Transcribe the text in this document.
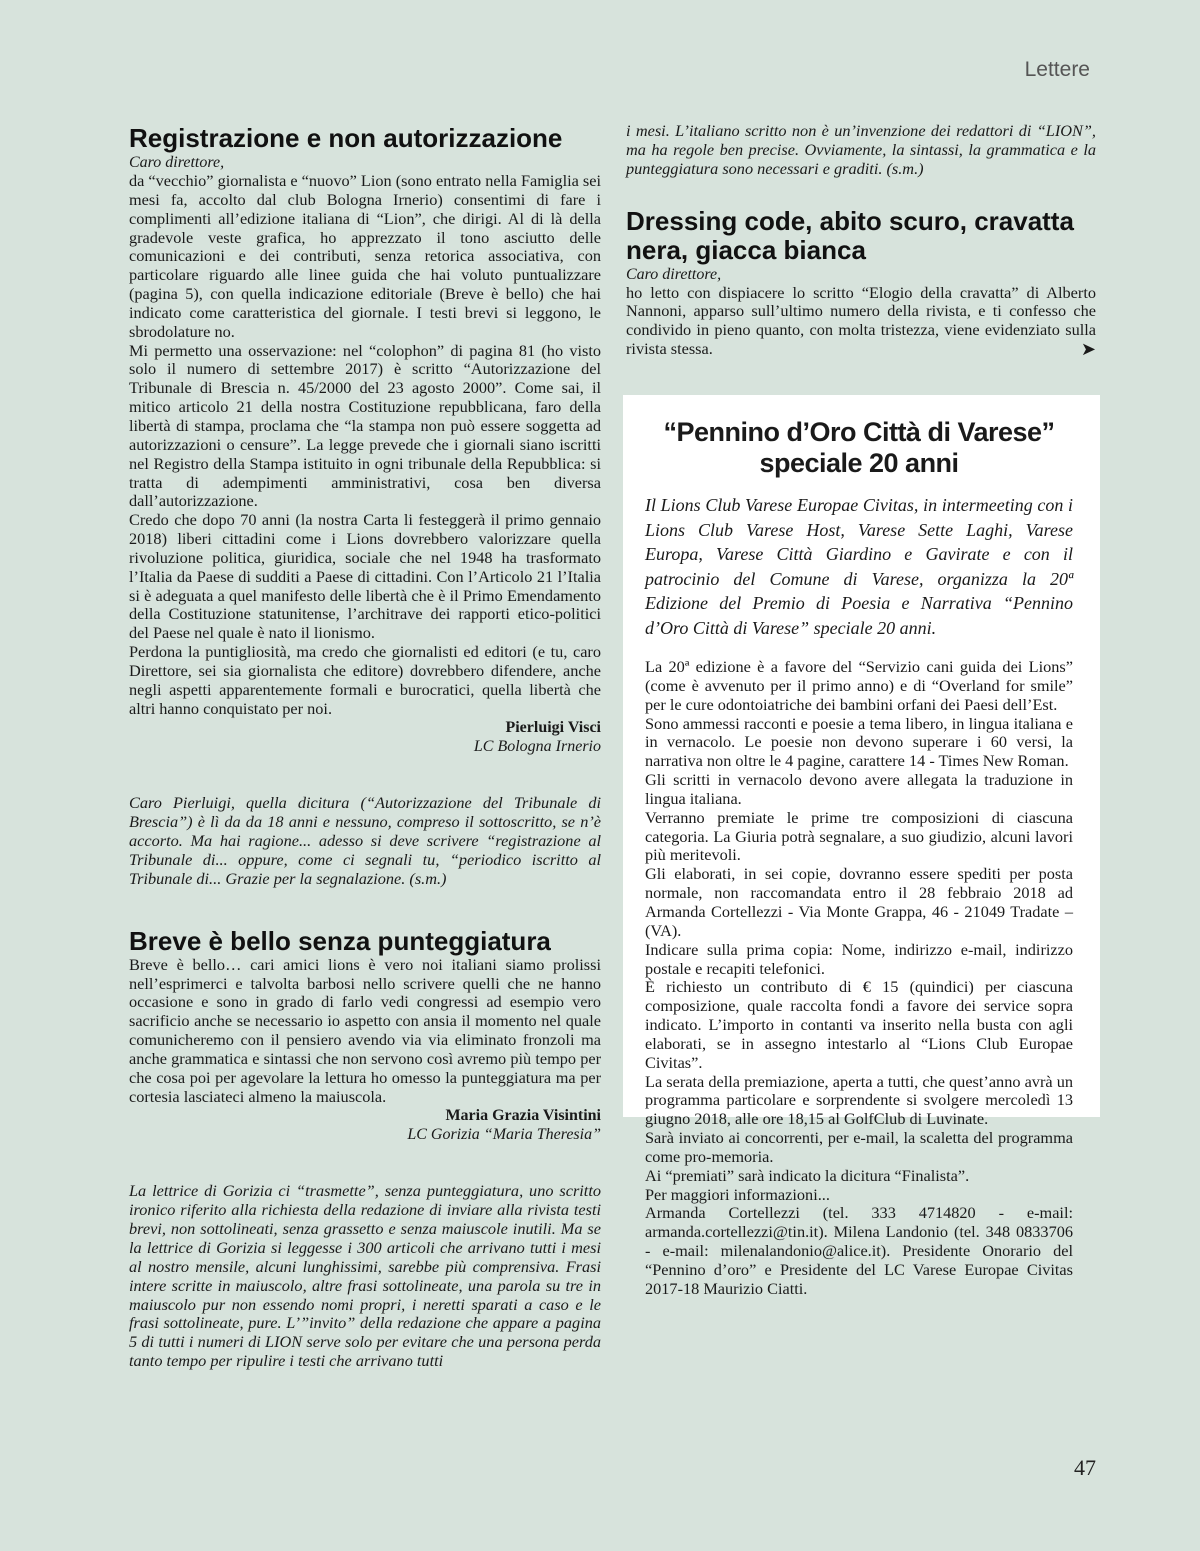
Lettere
Registrazione e non autorizzazione

Caro direttore,

da “vecchio” giornalista e “nuovo” Lion (sono entrato nella Famiglia sei mesi fa, accolto dal club Bologna Irnerio) consentimi di fare i complimenti all’edizione italiana di “Lion”, che dirigi. Al di là della gradevole veste grafica, ho apprezzato il tono asciutto delle comunicazioni e dei contributi, senza retorica associativa, con particolare riguardo alle linee guida che hai voluto puntualizzare (pagina 5), con quella indicazione editoriale (Breve è bello) che hai indicato come caratteristica del giornale. I testi brevi si leggono, le sbrodolature no.

Mi permetto una osservazione: nel “colophon” di pagina 81 (ho visto solo il numero di settembre 2017) è scritto “Autorizzazione del Tribunale di Brescia n. 45/2000 del 23 agosto 2000”. Come sai, il mitico articolo 21 della nostra Costituzione repubblicana, faro della libertà di stampa, proclama che “la stampa non può essere soggetta ad autorizzazioni o censure”. La legge prevede che i giornali siano iscritti nel Registro della Stampa istituito in ogni tribunale della Repubblica: si tratta di adempimenti amministrativi, cosa ben diversa dall’autorizzazione.

Credo che dopo 70 anni (la nostra Carta li festeggerà il primo gennaio 2018) liberi cittadini come i Lions dovrebbero valorizzare quella rivoluzione politica, giuridica, sociale che nel 1948 ha trasformato l’Italia da Paese di sudditi a Paese di cittadini. Con l’Articolo 21 l’Italia si è adeguata a quel manifesto delle libertà che è il Primo Emendamento della Costituzione statunitense, l’architrave dei rapporti etico-politici del Paese nel quale è nato il lionismo.

Perdona la puntigliosità, ma credo che giornalisti ed editori (e tu, caro Direttore, sei sia giornalista che editore) dovrebbero difendere, anche negli aspetti apparentemente formali e burocratici, quella libertà che altri hanno conquistato per noi.

Pierluigi Visci

LC Bologna Irnerio

Caro Pierluigi, quella dicitura (“Autorizzazione del Tribunale di Brescia”) è lì da da 18 anni e nessuno, compreso il sottoscritto, se n’è accorto. Ma hai ragione... adesso si deve scrivere “registrazione al Tribunale di... oppure, come ci segnali tu, “periodico iscritto al Tribunale di... Grazie per la segnalazione. (s.m.)

Breve è bello senza punteggiatura

Breve è bello… cari amici lions è vero noi italiani siamo prolissi nell’esprimerci e talvolta barbosi nello scrivere quelli che ne hanno occasione e sono in grado di farlo vedi congressi ad esempio vero sacrificio anche se necessario io aspetto con ansia il momento nel quale comunicheremo con il pensiero avendo via via eliminato fronzoli ma anche grammatica e sintassi che non servono così avremo più tempo per che cosa poi per agevolare la lettura ho omesso la punteggiatura ma per cortesia lasciateci almeno la maiuscola.

Maria Grazia Visintini

LC Gorizia “Maria Theresia”

La lettrice di Gorizia ci “trasmette”, senza punteggiatura, uno scritto ironico riferito alla richiesta della redazione di inviare alla rivista testi brevi, non sottolineati, senza grassetto e senza maiuscole inutili. Ma se la lettrice di Gorizia si leggesse i 300 articoli che arrivano tutti i mesi al nostro mensile, alcuni lunghissimi, sarebbe più comprensiva. Frasi intere scritte in maiuscolo, altre frasi sottolineate, una parola su tre in maiuscolo pur non essendo nomi propri, i neretti sparati a caso e le frasi sottolineate, pure. L’”invito” della redazione che appare a pagina 5 di tutti i numeri di LION serve solo per evitare che una persona perda tanto tempo per ripulire i testi che arrivano tutti

i mesi. L’italiano scritto non è un’invenzione dei redattori di “LION”, ma ha regole ben precise. Ovviamente, la sintassi, la grammatica e la punteggiatura sono necessari e graditi. (s.m.)

Dressing code, abito scuro, cravatta nera, giacca bianca

Caro direttore,

ho letto con dispiacere lo scritto “Elogio della cravatta” di Alberto Nannoni, apparso sull’ultimo numero della rivista, e ti confesso che condivido in pieno quanto, con molta tristezza, viene evidenziato sulla rivista stessa.	➤

“Pennino d’Oro Città di Varese”

speciale 20 anni

Il Lions Club Varese Europae Civitas, in intermeeting con i Lions Club Varese Host, Varese Sette Laghi, Varese Europa, Varese Città Giardino e Gavirate e con il patrocinio del Comune di Varese, organizza la 20ª Edizione del Premio di Poesia e Narrativa “Pennino d’Oro Città di Varese” speciale 20 anni.

La 20ª edizione è a favore del “Servizio cani guida dei Lions” (come è avvenuto per il primo anno) e di “Overland for smile” per le cure odontoiatriche dei bambini orfani dei Paesi dell’Est.

Sono ammessi racconti e poesie a tema libero, in lingua italiana e in vernacolo. Le poesie non devono superare i 60 versi, la narrativa non oltre le 4 pagine, carattere 14 - Times New Roman.

Gli scritti in vernacolo devono avere allegata la traduzione in lingua italiana.

Verranno premiate le prime tre composizioni di ciascuna categoria. La Giuria potrà segnalare, a suo giudizio, alcuni lavori più meritevoli.

Gli elaborati, in sei copie, dovranno essere spediti per posta normale, non raccomandata entro il 28 febbraio 2018 ad Armanda Cortellezzi - Via Monte Grappa, 46 - 21049 Tradate – (VA).

Indicare sulla prima copia: Nome, indirizzo e-mail, indirizzo postale e recapiti telefonici.

È richiesto un contributo di € 15 (quindici) per ciascuna composizione, quale raccolta fondi a favore dei service sopra indicato. L’importo in contanti va inserito nella busta con agli elaborati, se in assegno intestarlo al “Lions Club Europae Civitas”.

La serata della premiazione, aperta a tutti, che quest’anno avrà un programma particolare e sorprendente si svolgere mercoledì 13 giugno 2018, alle ore 18,15 al GolfClub di Luvinate.

Sarà inviato ai concorrenti, per e-mail, la scaletta del programma come pro-memoria.

Ai “premiati” sarà indicato la dicitura “Finalista”.

Per maggiori informazioni...

Armanda Cortellezzi (tel. 333 4714820 - e-mail: armanda.cortellezzi@tin.it). Milena Landonio (tel. 348 0833706 - e-mail: milenalandonio@alice.it). Presidente Onorario del “Pennino d’oro” e Presidente del LC Varese Europae Civitas 2017-18 Maurizio Ciatti.

47
